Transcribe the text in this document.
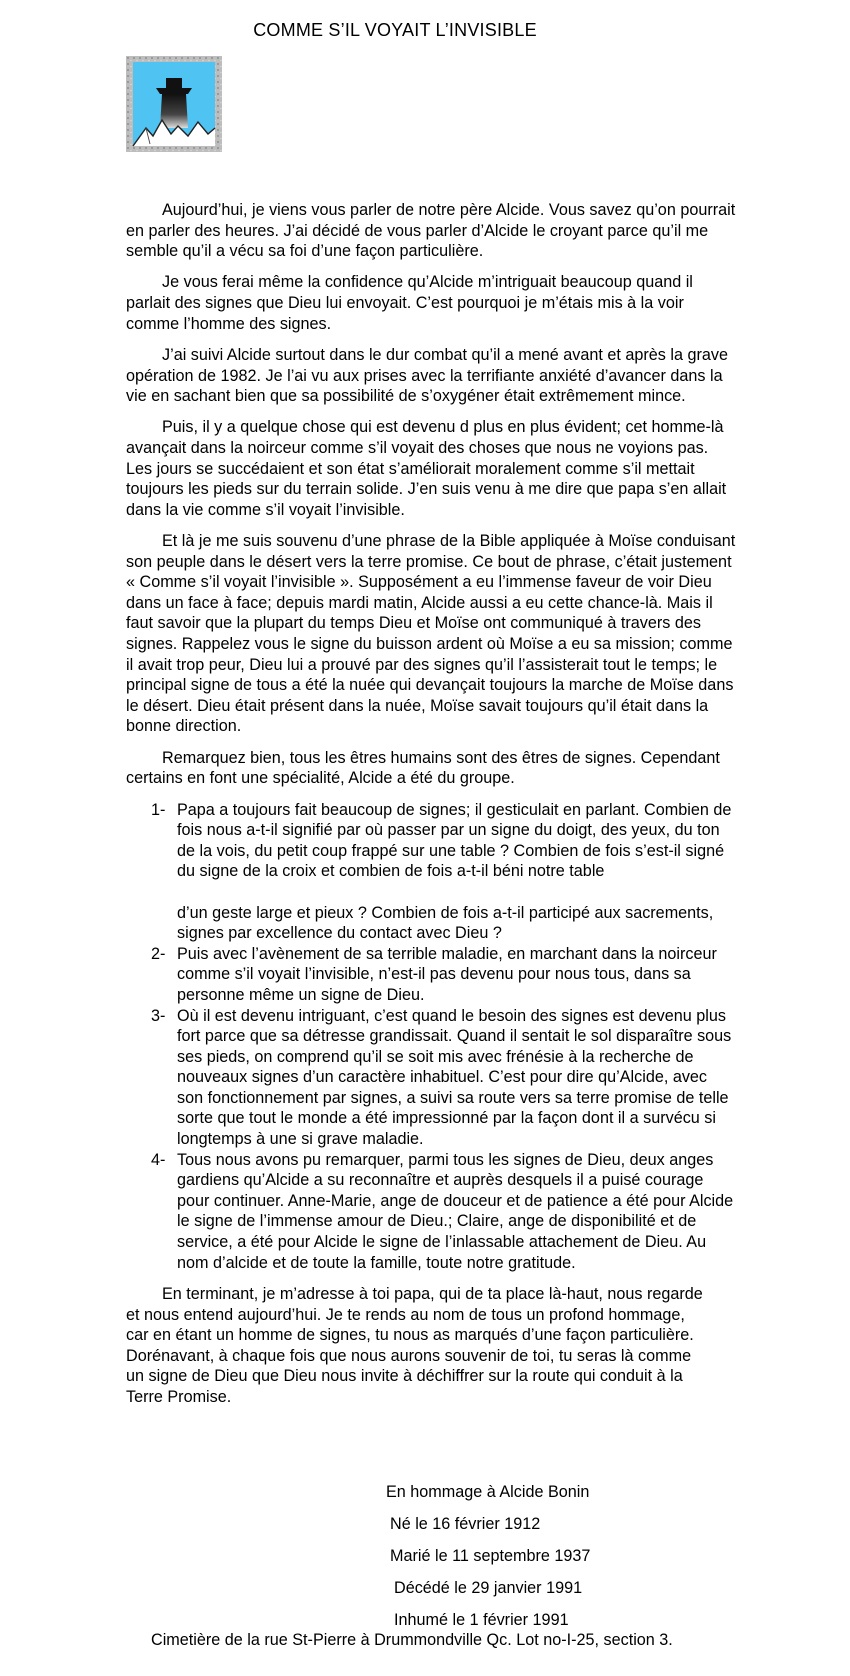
COMME S’IL VOYAIT L’INVISIBLE

Aujourd’hui, je viens vous parler de notre père Alcide. Vous savez qu’on pourrait en parler des heures. J’ai décidé de vous parler d’Alcide le croyant parce qu’il me semble qu’il a vécu sa foi d’une façon particulière.

Je vous ferai même la confidence qu’Alcide m’intriguait beaucoup quand il parlait des signes que Dieu lui envoyait. C’est pourquoi je m’étais mis à la voir comme l’homme des signes.

J’ai suivi Alcide surtout dans le dur combat qu’il a mené avant et après la grave opération de 1982. Je l’ai vu aux prises avec la terrifiante anxiété d’avancer dans la vie en sachant bien que sa possibilité de s’oxygéner était extrêmement mince.

Puis, il y a quelque chose qui est devenu d plus en plus évident; cet homme-là avançait dans la noirceur comme s’il voyait des choses que nous ne voyions pas. Les jours se succédaient et son état s’améliorait moralement comme s’il mettait toujours les pieds sur du terrain solide. J’en suis venu à me dire que papa s’en allait dans la vie comme s’il voyait l’invisible.

Et là je me suis souvenu d’une phrase de la Bible appliquée à Moïse conduisant son peuple dans le désert vers la terre promise. Ce bout de phrase, c’était justement « Comme s’il voyait l’invisible ». Supposément a eu l’immense faveur de voir Dieu dans un face à face; depuis mardi matin, Alcide aussi a eu cette chance-là. Mais il faut savoir que la plupart du temps Dieu et Moïse ont communiqué à travers des signes. Rappelez vous le signe du buisson ardent où Moïse a eu sa mission; comme il avait trop peur, Dieu lui a prouvé par des signes qu’il l’assisterait tout le temps; le principal signe de tous a été la nuée qui devançait toujours la marche de Moïse dans le désert. Dieu était présent dans la nuée, Moïse savait toujours qu’il était dans la bonne direction.

Remarquez bien, tous les êtres humains sont des êtres de signes. Cependant certains en font une spécialité, Alcide a été du groupe.

1- Papa a toujours fait beaucoup de signes; il gesticulait en parlant. Combien de fois nous a-t-il signifié par où passer par un signe du doigt, des yeux, du ton de la vois, du petit coup frappé sur une table ? Combien de fois s’est-il signé du signe de la croix et combien de fois a-t-il béni notre table
d’un geste large et pieux ? Combien de fois a-t-il participé aux sacrements, signes par excellence du contact avec Dieu ?
2- Puis avec l’avènement de sa terrible maladie, en marchant dans la noirceur comme s’il voyait l’invisible, n’est-il pas devenu pour nous tous, dans sa personne même un signe de Dieu.
3- Où il est devenu intriguant, c’est quand le besoin des signes est devenu plus fort parce que sa détresse grandissait. Quand il sentait le sol disparaître sous ses pieds, on comprend qu’il se soit mis avec frénésie à la recherche de nouveaux signes d’un caractère inhabituel. C’est pour dire qu’Alcide, avec son fonctionnement par signes, a suivi sa route vers sa terre promise de telle sorte que tout le monde a été impressionné par la façon dont il a survécu si longtemps à une si grave maladie.
4- Tous nous avons pu remarquer, parmi tous les signes de Dieu, deux anges gardiens qu’Alcide a su reconnaître et auprès desquels il a puisé courage pour continuer. Anne-Marie, ange de douceur et de patience a été pour Alcide le signe de l’immense amour de Dieu.; Claire, ange de disponibilité et de service, a été pour Alcide le signe de l’inlassable attachement de Dieu. Au nom d’alcide et de toute la famille, toute notre gratitude.

En terminant, je m’adresse à toi papa, qui de ta place là-haut, nous regarde et nous entend aujourd’hui. Je te rends au nom de tous un profond hommage, car en étant un homme de signes, tu nous as marqués d’une façon particulière. Dorénavant, à chaque fois que nous aurons souvenir de toi, tu seras là comme un signe de Dieu que Dieu nous invite à déchiffrer sur la route qui conduit à la Terre Promise.

En hommage à Alcide Bonin
Né le 16 février 1912
Marié le 11 septembre 1937
Décédé le 29 janvier 1991
Inhumé le 1 février 1991
Cimetière de la rue St-Pierre à Drummondville Qc. Lot no-I-25, section 3.
